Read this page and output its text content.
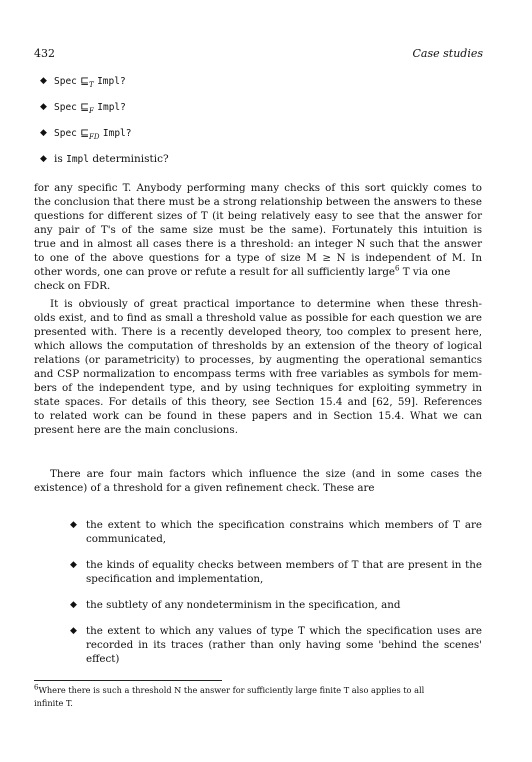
432	Case studies
◆ Spec $⊑_T$ Impl?
◆ Spec $⊑_F$ Impl?
◆ Spec $⊑_{FD}$ Impl?
◆ is Impl deterministic?
for any specific T. Anybody performing many checks of this sort quickly comes to
the conclusion that there must be a strong relationship between the answers to these
questions for different sizes of T (it being relatively easy to see that the answer for
any pair of T's of the same size must be the same). Fortunately this intuition is
true and in almost all cases there is a threshold: an integer N such that the answer
to one of the above questions for a type of size M ≥ N is independent of M. In
other words, one can prove or refute a result for all sufficiently large$^6$ T via one
check on FDR.
It is obviously of great practical importance to determine when these thresh-
olds exist, and to find as small a threshold value as possible for each question we are
presented with. There is a recently developed theory, too complex to present here,
which allows the computation of thresholds by an extension of the theory of logical
relations (or parametricity) to processes, by augmenting the operational semantics
and CSP normalization to encompass terms with free variables as symbols for mem-
bers of the independent type, and by using techniques for exploiting symmetry in
state spaces. For details of this theory, see Section 15.4 and [62, 59]. References
to related work can be found in these papers and in Section 15.4. What we can
present here are the main conclusions.
There are four main factors which influence the size (and in some cases the
existence) of a threshold for a given refinement check. These are
◆ the extent to which the specification constrains which members of T are
communicated,
◆ the kinds of equality checks between members of T that are present in the
specification and implementation,
◆ the subtlety of any nondeterminism in the specification, and
◆ the extent to which any values of type T which the specification uses are
recorded in its traces (rather than only having some 'behind the scenes'
effect)
$^6$Where there is such a threshold N the answer for sufficiently large finite T also applies to all
infinite T.
